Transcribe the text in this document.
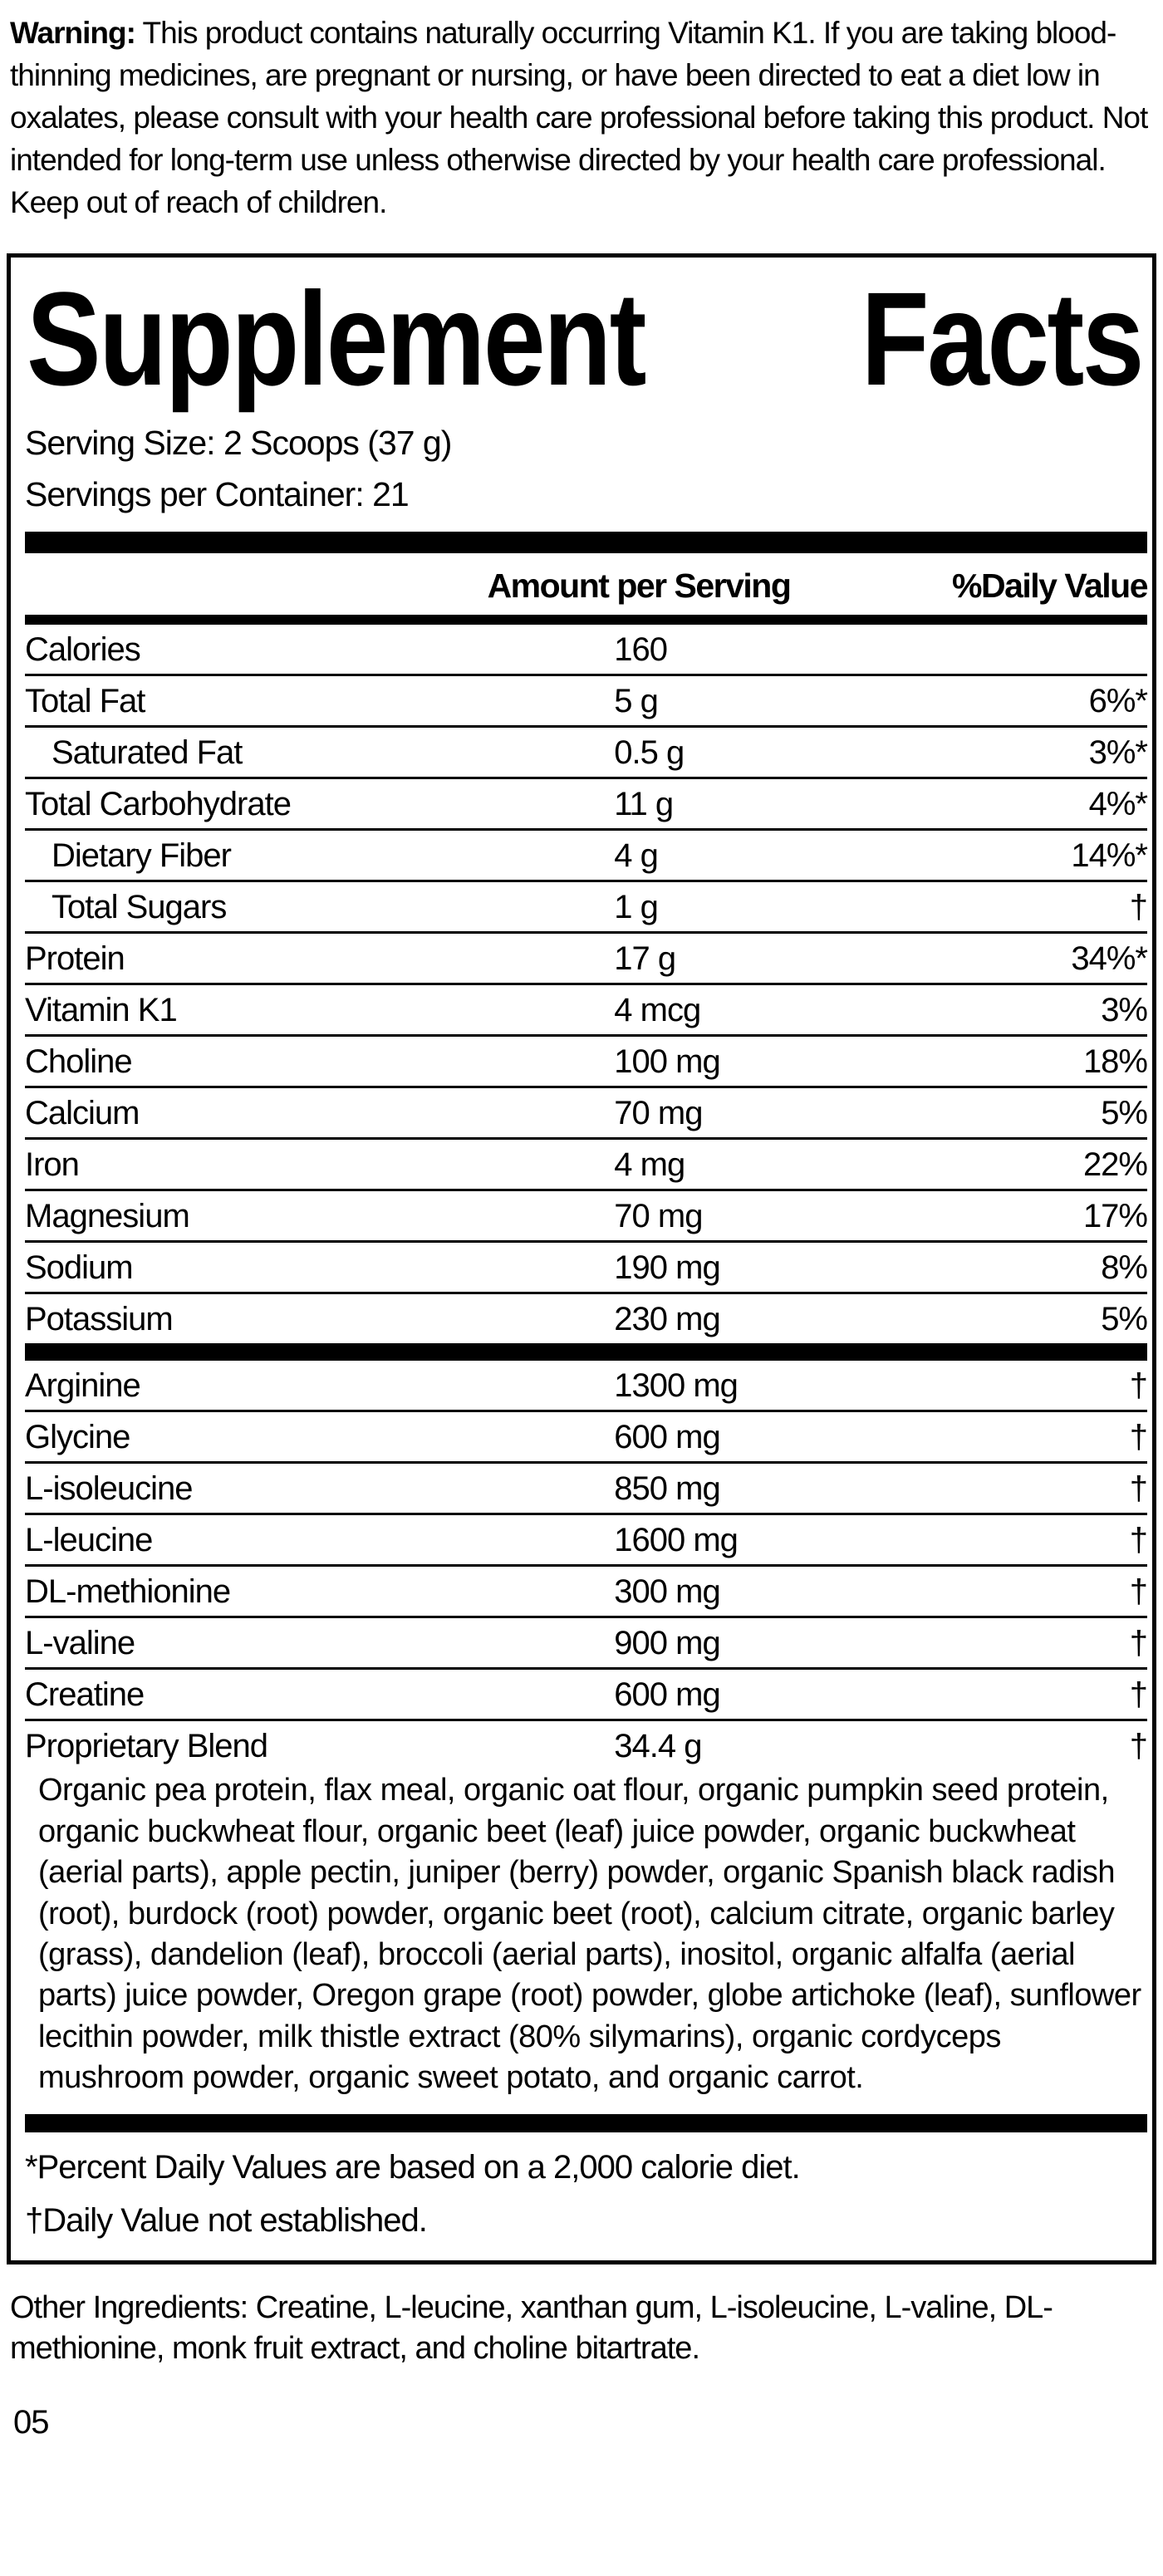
Warning: This product contains naturally occurring Vitamin K1. If you are taking blood-thinning medicines, are pregnant or nursing, or have been directed to eat a diet low in oxalates, please consult with your health care professional before taking this product. Not intended for long-term use unless otherwise directed by your health care professional. Keep out of reach of children.
Supplement Facts
Serving Size: 2 Scoops (37 g)
Servings per Container: 21
Amount per Serving	%Daily Value
Calories	160
Total Fat	5 g	6%*
Saturated Fat	0.5 g	3%*
Total Carbohydrate	11 g	4%*
Dietary Fiber	4 g	14%*
Total Sugars	1 g	†
Protein	17 g	34%*
Vitamin K1	4 mcg	3%
Choline	100 mg	18%
Calcium	70 mg	5%
Iron	4 mg	22%
Magnesium	70 mg	17%
Sodium	190 mg	8%
Potassium	230 mg	5%
Arginine	1300 mg	†
Glycine	600 mg	†
L-isoleucine	850 mg	†
L-leucine	1600 mg	†
DL-methionine	300 mg	†
L-valine	900 mg	†
Creatine	600 mg	†
Proprietary Blend	34.4 g	†
Organic pea protein, flax meal, organic oat flour, organic pumpkin seed protein, organic buckwheat flour, organic beet (leaf) juice powder, organic buckwheat (aerial parts), apple pectin, juniper (berry) powder, organic Spanish black radish (root), burdock (root) powder, organic beet (root), calcium citrate, organic barley (grass), dandelion (leaf), broccoli (aerial parts), inositol, organic alfalfa (aerial parts) juice powder, Oregon grape (root) powder, globe artichoke (leaf), sunflower lecithin powder, milk thistle extract (80% silymarins), organic cordyceps mushroom powder, organic sweet potato, and organic carrot.
*Percent Daily Values are based on a 2,000 calorie diet.
†Daily Value not established.
Other Ingredients: Creatine, L-leucine, xanthan gum, L-isoleucine, L-valine, DL-methionine, monk fruit extract, and choline bitartrate.
05
